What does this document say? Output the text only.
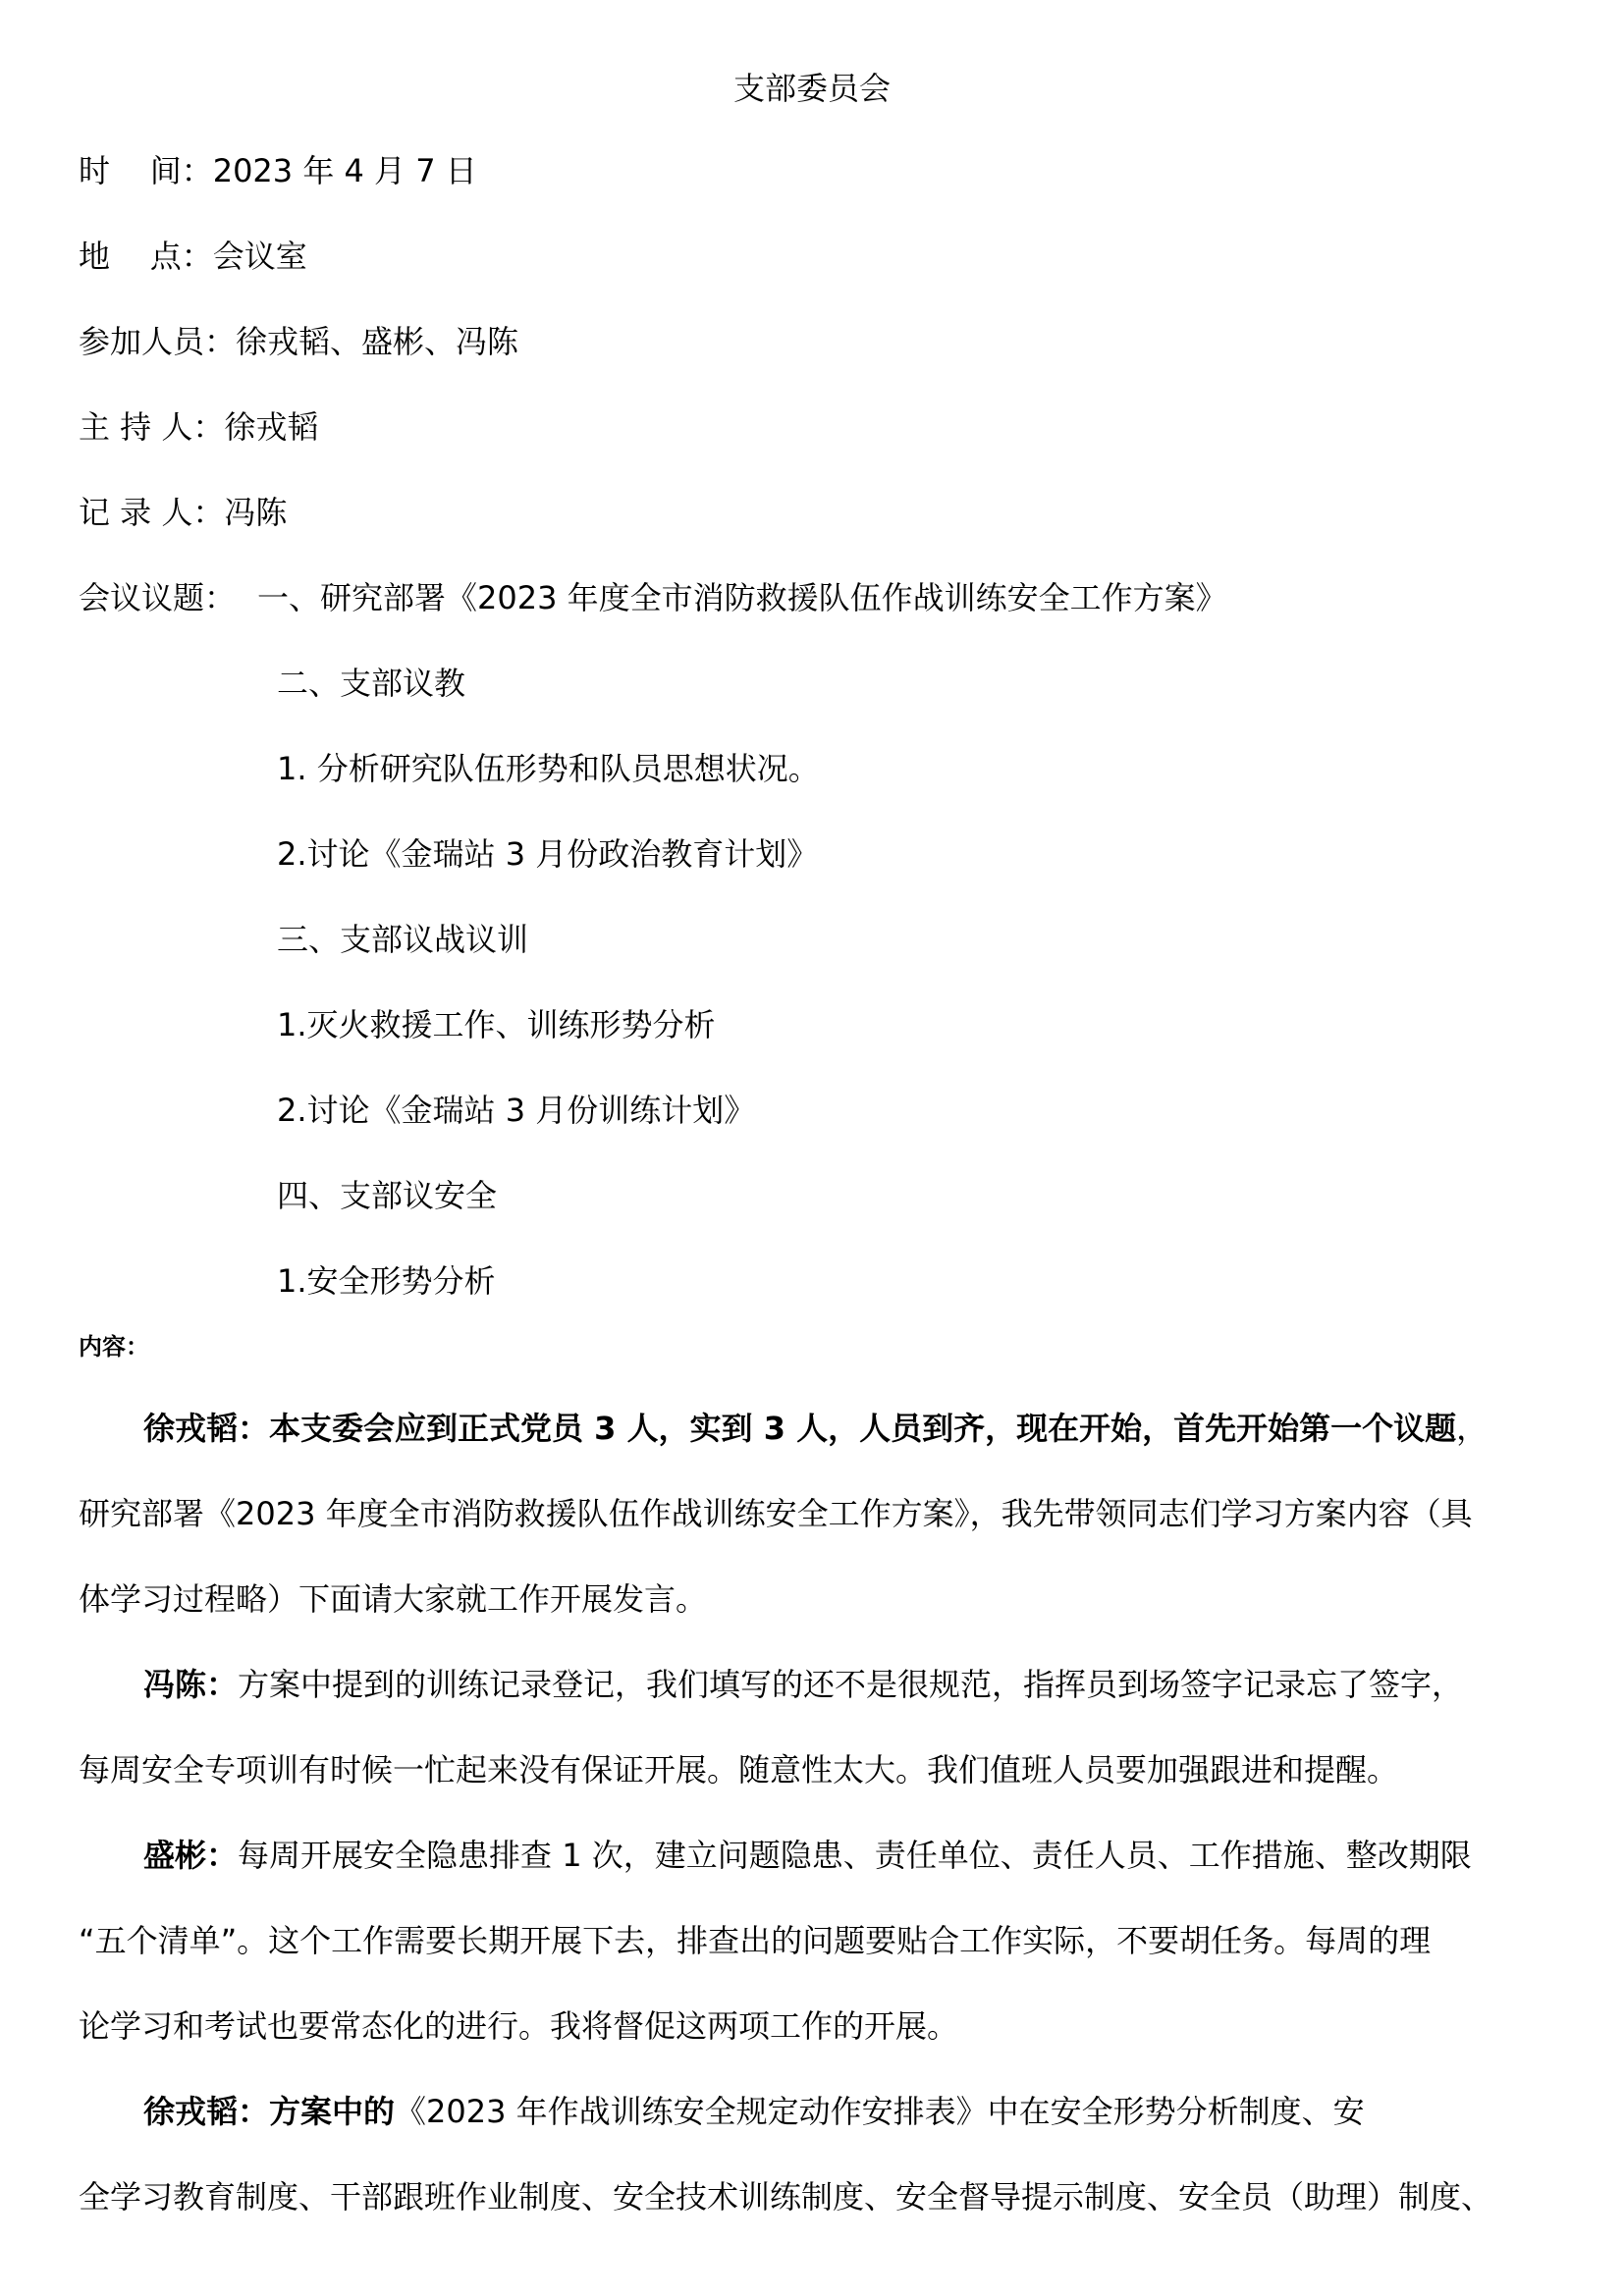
支部委员会
时    间：2023 年 4 月 7 日
地    点：会议室
参加人员：徐戎韬、盛彬、冯陈
主 持 人：徐戎韬
记 录 人：冯陈
会议议题： 一、研究部署《2023 年度全市消防救援队伍作战训练安全工作方案》
二、支部议教
1. 分析研究队伍形势和队员思想状况。
2.讨论《金瑞站 3 月份政治教育计划》
三、支部议战议训
1.灭火救援工作、训练形势分析
2.讨论《金瑞站 3 月份训练计划》
四、支部议安全
1.安全形势分析
内容：
徐戎韬：本支委会应到正式党员 3 人，实到 3 人，人员到齐，现在开始，首先开始第一个议题，
研究部署《2023 年度全市消防救援队伍作战训练安全工作方案》，我先带领同志们学习方案内容（具
体学习过程略）下面请大家就工作开展发言。
冯陈：方案中提到的训练记录登记，我们填写的还不是很规范，指挥员到场签字记录忘了签字，
每周安全专项训有时候一忙起来没有保证开展。随意性太大。我们值班人员要加强跟进和提醒。
盛彬：每周开展安全隐患排查 1 次，建立问题隐患、责任单位、责任人员、工作措施、整改期限
“五个清单”。这个工作需要长期开展下去，排查出的问题要贴合工作实际，不要胡任务。每周的理
论学习和考试也要常态化的进行。我将督促这两项工作的开展。
徐戎韬：方案中的《2023 年作战训练安全规定动作安排表》中在安全形势分析制度、安
全学习教育制度、干部跟班作业制度、安全技术训练制度、安全督导提示制度、安全员（助理）制度、
